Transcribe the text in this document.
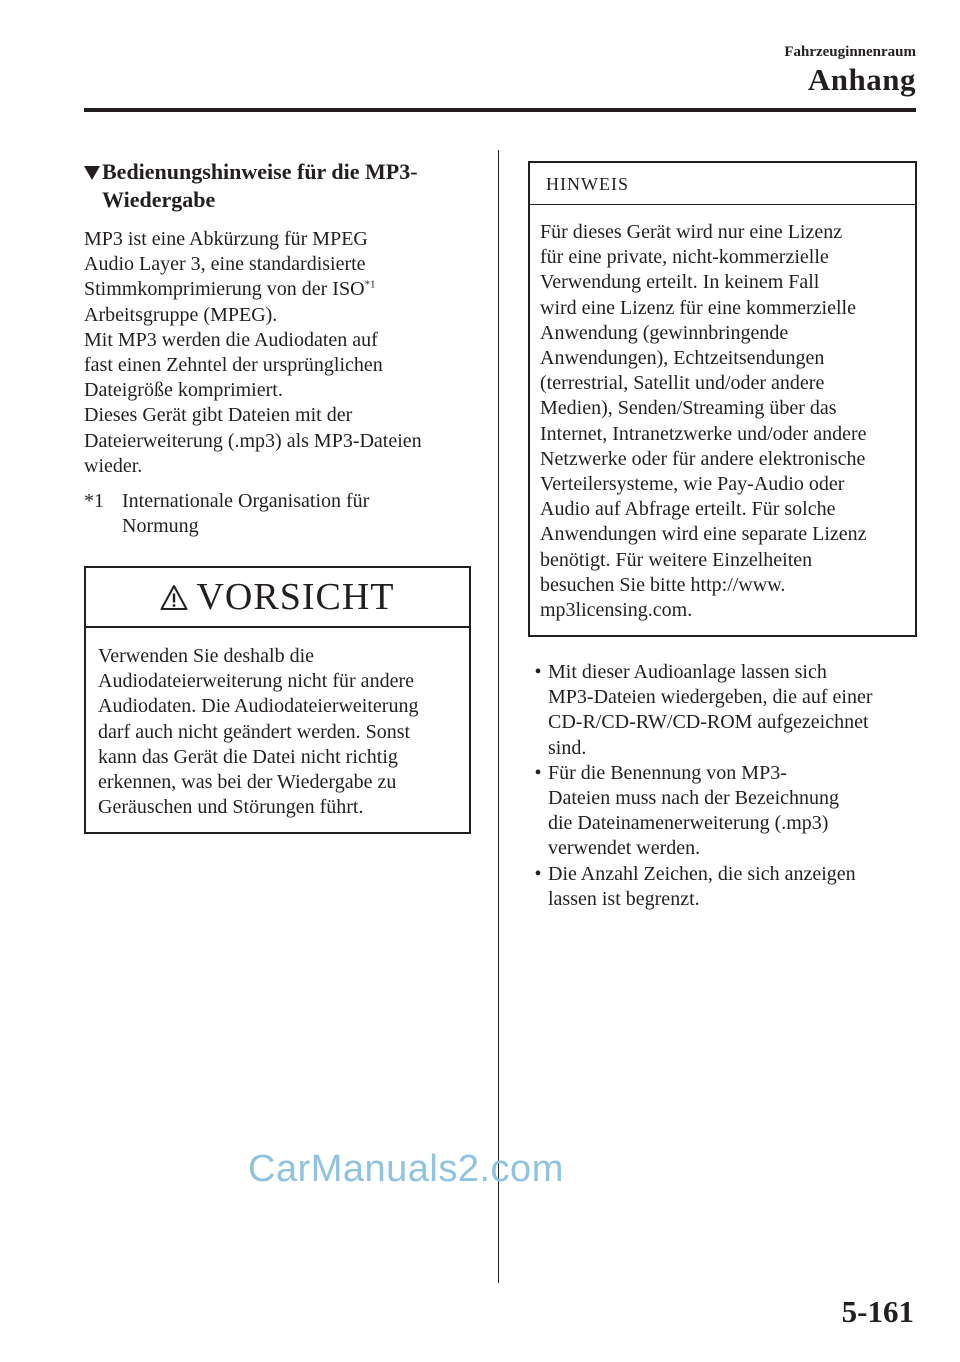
Fahrzeuginnenraum
Anhang
Bedienungshinweise für die MP3-
Wiedergabe

MP3 ist eine Abkürzung für MPEG

Audio Layer 3, eine standardisierte

Stimmkomprimierung von der ISO$^{*1}$

Arbeitsgruppe (MPEG).

Mit MP3 werden die Audiodaten auf

fast einen Zehntel der ursprünglichen

Dateigröße komprimiert.

Dieses Gerät gibt Dateien mit der

Dateierweiterung (.mp3) als MP3-Dateien

wieder.

*1 Internationale Organisation für
Normung
VORSICHT

Verwenden Sie deshalb die

Audiodateierweiterung nicht für andere

Audiodaten. Die Audiodateierweiterung

darf auch nicht geändert werden. Sonst

kann das Gerät die Datei nicht richtig

erkennen, was bei der Wiedergabe zu

Geräuschen und Störungen führt.

HINWEIS

Für dieses Gerät wird nur eine Lizenz

für eine private, nicht-kommerzielle

Verwendung erteilt. In keinem Fall

wird eine Lizenz für eine kommerzielle

Anwendung (gewinnbringende

Anwendungen), Echtzeitsendungen

(terrestrial, Satellit und/oder andere

Medien), Senden/Streaming über das

Internet, Intranetzwerke und/oder andere

Netzwerke oder für andere elektronische

Verteilersysteme, wie Pay-Audio oder

Audio auf Abfrage erteilt. Für solche

Anwendungen wird eine separate Lizenz

benötigt. Für weitere Einzelheiten

besuchen Sie bitte http://www.

mp3licensing.com.

• Mit dieser Audioanlage lassen sich

MP3-Dateien wiedergeben, die auf einer

CD-R/CD-RW/CD-ROM aufgezeichnet

sind.

• Für die Benennung von MP3-

Dateien muss nach der Bezeichnung

die Dateinamenerweiterung (.mp3)

verwendet werden.

• Die Anzahl Zeichen, die sich anzeigen

lassen ist begrenzt.

CarManuals2.com
5-161
